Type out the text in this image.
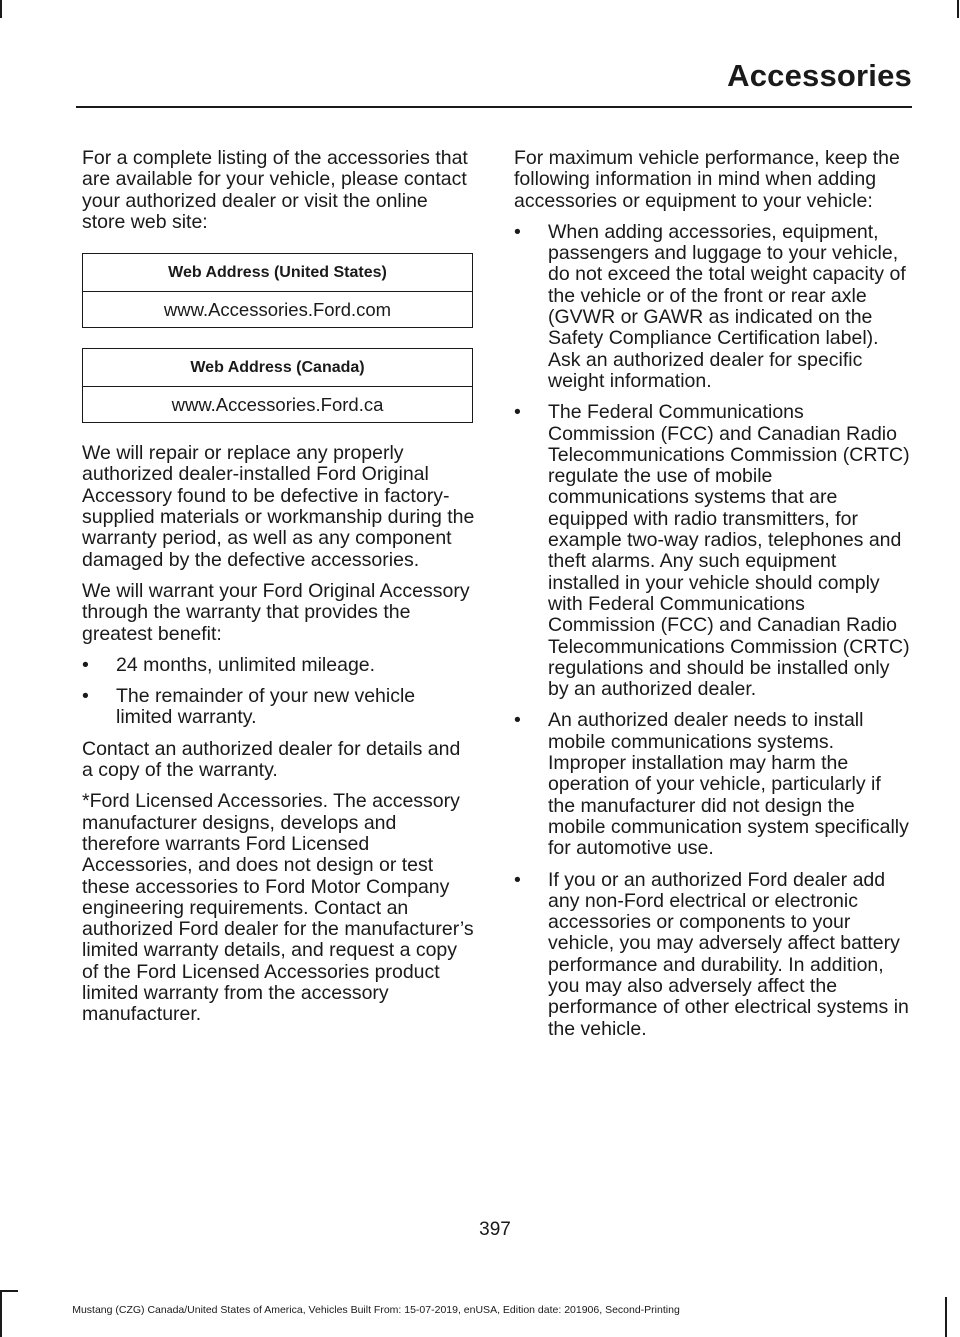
Accessories

For a complete listing of the accessories that are available for your vehicle, please contact your authorized dealer or visit the online store web site:

Web Address (United States)
www.Accessories.Ford.com
Web Address (Canada)
www.Accessories.Ford.ca

We will repair or replace any properly authorized dealer-installed Ford Original Accessory found to be defective in factory-supplied materials or workmanship during the warranty period, as well as any component damaged by the defective accessories.

We will warrant your Ford Original Accessory through the warranty that provides the greatest benefit:

• 24 months, unlimited mileage.
• The remainder of your new vehicle limited warranty.

Contact an authorized dealer for details and a copy of the warranty.

*Ford Licensed Accessories. The accessory manufacturer designs, develops and therefore warrants Ford Licensed Accessories, and does not design or test these accessories to Ford Motor Company engineering requirements. Contact an authorized Ford dealer for the manufacturer’s limited warranty details, and request a copy of the Ford Licensed Accessories product limited warranty from the accessory manufacturer.

For maximum vehicle performance, keep the following information in mind when adding accessories or equipment to your vehicle:

• When adding accessories, equipment, passengers and luggage to your vehicle, do not exceed the total weight capacity of the vehicle or of the front or rear axle (GVWR or GAWR as indicated on the Safety Compliance Certification label). Ask an authorized dealer for specific weight information.
• The Federal Communications Commission (FCC) and Canadian Radio Telecommunications Commission (CRTC) regulate the use of mobile communications systems that are equipped with radio transmitters, for example two-way radios, telephones and theft alarms. Any such equipment installed in your vehicle should comply with Federal Communications Commission (FCC) and Canadian Radio Telecommunications Commission (CRTC) regulations and should be installed only by an authorized dealer.
• An authorized dealer needs to install mobile communications systems. Improper installation may harm the operation of your vehicle, particularly if the manufacturer did not design the mobile communication system specifically for automotive use.
• If you or an authorized Ford dealer add any non-Ford electrical or electronic accessories or components to your vehicle, you may adversely affect battery performance and durability. In addition, you may also adversely affect the performance of other electrical systems in the vehicle.
397
Mustang (CZG) Canada/United States of America, Vehicles Built From: 15-07-2019, enUSA, Edition date: 201906, Second-Printing
